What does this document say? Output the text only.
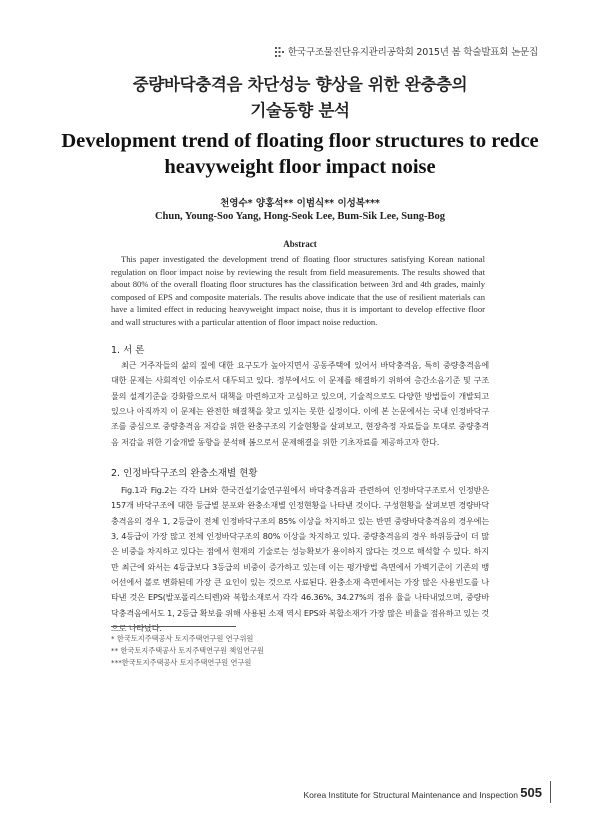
한국구조물진단유지관리공학회 2015년 봄 학술발표회 논문집
중량바닥충격음 차단성능 향상을 위한 완충층의
기술동향 분석
Development trend of floating floor structures to redce
heavyweight floor impact noise
천영수* 양홍석** 이범식** 이성복***
Chun, Young-Soo Yang, Hong-Seok Lee, Bum-Sik Lee, Sung-Bog
Abstract

This paper investigated the development trend of floating floor structures satisfying Korean national regulation on floor impact noise by reviewing the result from field measurements. The results showed that about 80% of the overall floating floor structures has the classification between 3rd and 4th grades, mainly composed of EPS and composite materials. The results above indicate that the use of resilient materials can have a limited effect in reducing heavyweight impact noise, thus it is important to develop effective floor and wall structures with a particular attention of floor impact noise reduction.

1. 서 론

최근 거주자들의 삶의 질에 대한 요구도가 높아지면서 공동주택에 있어서 바닥충격음, 특히 중량충격음에 대한 문제는 사회적인 이슈로서 대두되고 있다. 정부에서도 이 문제를 해결하기 위하여 층간소음기준 및 구조물의 설계기준을 강화함으로서 대책을 마련하고자 고심하고 있으며, 기술적으로도 다양한 방법들이 개발되고 있으나 아직까지 이 문제는 완전한 해결책을 찾고 있지는 못한 실정이다. 이에 본 논문에서는 국내 인정바닥구조를 중심으로 중량충격음 저감을 위한 완충구조의 기술현황을 살펴보고, 현장측정 자료들을 토대로 중량충격음 저감을 위한 기술개발 동향을 분석해 봄으로서 문제해결을 위한 기초자료를 제공하고자 한다.

2. 인정바닥구조의 완충소재별 현황

Fig.1과 Fig.2는 각각 LH와 한국건설기술연구원에서 바닥충격음과 관련하여 인정바닥구조로서 인정받은 157개 바닥구조에 대한 등급별 분포와 완충소재별 인정현황을 나타낸 것이다. 구성현황을 살펴보면 경량바닥충격음의 경우 1, 2등급이 전체 인정바닥구조의 85% 이상을 차지하고 있는 반면 중량바닥충격음의 경우에는 3, 4등급이 가장 많고 전체 인정바닥구조의 80% 이상을 차지하고 있다. 중량충격음의 경우 하위등급이 더 많은 비중을 차지하고 있다는 점에서 현재의 기술로는 성능확보가 용이하지 않다는 것으로 해석할 수 있다. 하지만 최근에 와서는 4등급보다 3등급의 비중이 증가하고 있는데 이는 평가방법 측면에서 가벽기준이 기존의 뱅어선에서 볼로 변화된데 가장 큰 요인이 있는 것으로 사료된다. 완충소재 측면에서는 가장 많은 사용빈도를 나타낸 것은 EPS(발포폴리스티렌)와 복합소재로서 각각 46.36%, 34.27%의 점유 율을 나타내었으며, 중량바닥충격음에서도 1, 2등급 확보를 위해 사용된 소재 역시 EPS와 복합소재가 가장 많은 비율을 점유하고 있는 것으로 나타났다.

* 한국토지주택공사 토지주택연구원 연구위원
** 한국토지주택공사 토지주택연구원 책임연구원
***한국토지주택공사 토지주택연구원 연구원
Korea Institute for Structural Maintenance and Inspection 505
